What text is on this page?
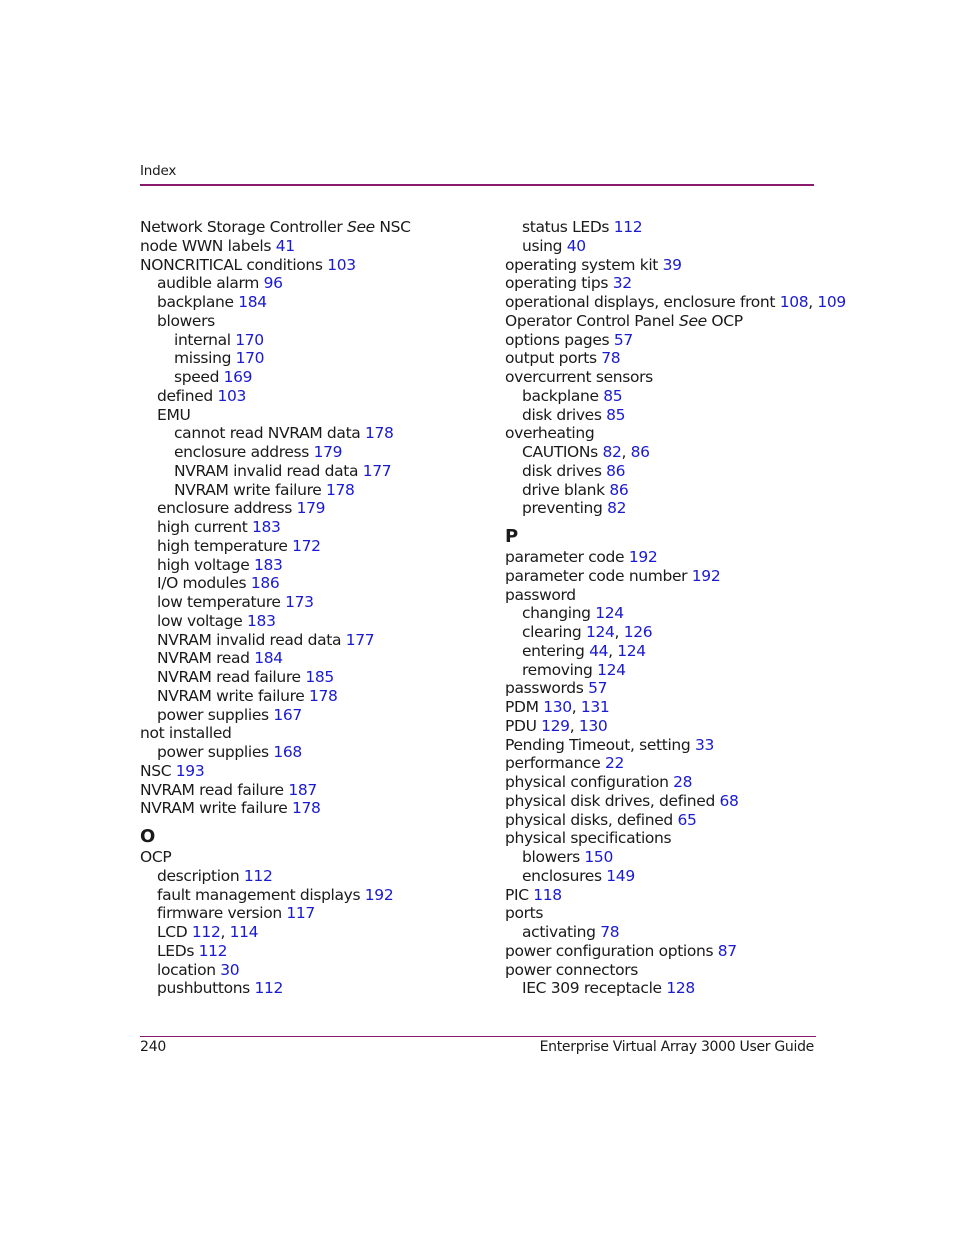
Index
Network Storage Controller See NSC
node WWN labels 41
NONCRITICAL conditions 103
audible alarm 96
backplane 184
blowers
internal 170
missing 170
speed 169
defined 103
EMU
cannot read NVRAM data 178
enclosure address 179
NVRAM invalid read data 177
NVRAM write failure 178
enclosure address 179
high current 183
high temperature 172
high voltage 183
I/O modules 186
low temperature 173
low voltage 183
NVRAM invalid read data 177
NVRAM read 184
NVRAM read failure 185
NVRAM write failure 178
power supplies 167
not installed
power supplies 168
NSC 193
NVRAM read failure 187
NVRAM write failure 178
O
OCP
description 112
fault management displays 192
firmware version 117
LCD 112, 114
LEDs 112
location 30
pushbuttons 112
status LEDs 112
using 40
operating system kit 39
operating tips 32
operational displays, enclosure front 108, 109
Operator Control Panel See OCP
options pages 57
output ports 78
overcurrent sensors
backplane 85
disk drives 85
overheating
CAUTIONs 82, 86
disk drives 86
drive blank 86
preventing 82
P
parameter code 192
parameter code number 192
password
changing 124
clearing 124, 126
entering 44, 124
removing 124
passwords 57
PDM 130, 131
PDU 129, 130
Pending Timeout, setting 33
performance 22
physical configuration 28
physical disk drives, defined 68
physical disks, defined 65
physical specifications
blowers 150
enclosures 149
PIC 118
ports
activating 78
power configuration options 87
power connectors
IEC 309 receptacle 128
240	Enterprise Virtual Array 3000 User Guide
